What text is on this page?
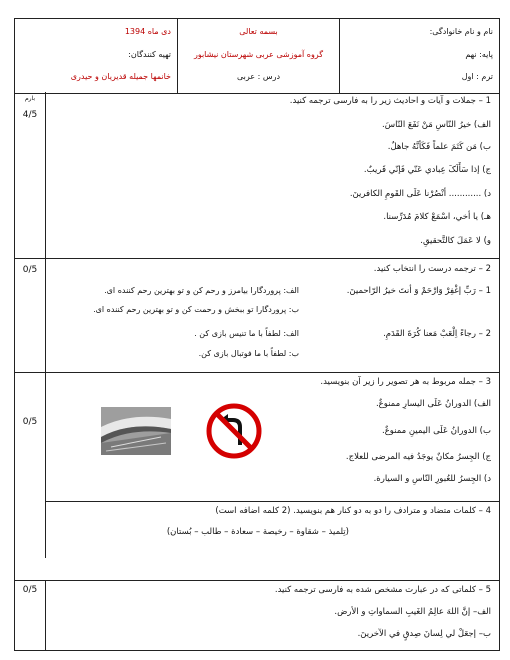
نام و نام خانوادگی:
پایه: نهم
ترم : اول
بسمه تعالی
گروه آموزشی عربی شهرستان نیشابور
درس : عربی
دی ماه 1394
تهیه کنندگان:
خانمها جمیله قدیریان و حیدری
بارم
4/5
1 – جملات و آیات و احادیث زیر را به فارسی ترجمه کنید.
الف) خیرُ النّاسِ مَنْ نَفَعَ النّاسَ.
ب) مَن کَتَمَ علماً فَکَأنَّهُ جاهلٌ.
ج) إذا سَأَلَکَ عِبادي عَنّي فَإنّي قَریبٌ.
د) ............ أنْصُرْنا عَلَی القَومِ الکافرینَ.
هـ) یا أخي، اسْمَعْ کلامَ مُدَرِّسنا.
و) لا عَمَلَ کالتَّحقیقِ.
0/5	2 – ترجمه درست را انتخاب کنید.
1 – رَبِّ إغْفِرْ وَارْحَمْ وَ أنتَ خیرُ الرّاحمینَ.
الف: پروردگارا بیامرز و رحم کن و تو بهترین رحم کننده ای.
ب: پروردگارا تو ببخش و رحمت کن و تو بهترین رحم کننده ای.
2 – رجاءً اِلْعَبْ مَعنا کُرَةَ القَدَمِ.
الف: لطفاً با ما تنیس بازی کن .
ب: لطفاً با ما فوتبال بازی کن.
0/5
3 – جمله مربوط به هر تصویر را زیر آن بنویسید.
الف) الدورانُ عَلَی الیسارِ ممنوعٌ.
ب) الدورانُ عَلَی الیمینِ ممنوعٌ.
ج) الجِسرُ مکانٌ یوجَدُ فیه المرضی للعلاج.
د) الجِسرُ للعُبورِ النّاسِ و السیارة.
4 – کلمات متضاد و مترادف را دو به دو کنار هم بنویسید. (2 کلمه اضافه است)
(تِلمیذ – شقاوة – رخیصة – سعادة – طالب – بُستان)
0/5	5 – کلماتی که در عبارت مشخص شده به فارسی ترجمه کنید.
الف– إنَّ اللهَ عالِمُ الغَیبِ السماواتِ و الأرض.
ب– إجعَلْ لي لِسانَ صِدقٍ في الآخرینَ.
